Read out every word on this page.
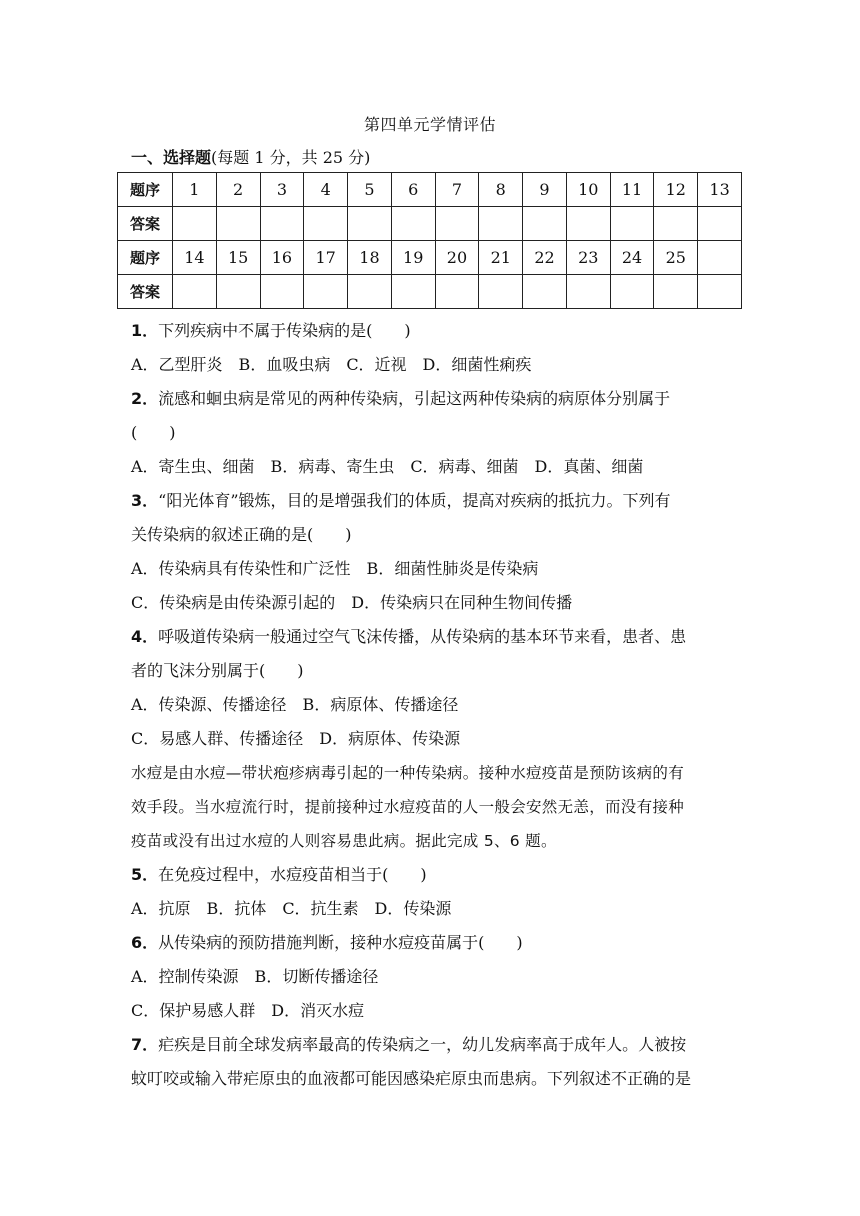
第四单元学情评估
一、选择题(每题 1 分，共 25 分)
题序	1	2	3	4	5	6	7	8	9	10	11	12	13
答案													
题序	14	15	16	17	18	19	20	21	22	23	24	25	
答案													
1．下列疾病中不属于传染病的是(　　)
A．乙型肝炎　B．血吸虫病　C．近视　D．细菌性痢疾
2．流感和蛔虫病是常见的两种传染病，引起这两种传染病的病原体分别属于
(　　)
A．寄生虫、细菌　B．病毒、寄生虫　C．病毒、细菌　D．真菌、细菌
3．“阳光体育”锻炼，目的是增强我们的体质，提高对疾病的抵抗力。下列有
关传染病的叙述正确的是(　　)
A．传染病具有传染性和广泛性　B．细菌性肺炎是传染病
C．传染病是由传染源引起的　D．传染病只在同种生物间传播
4．呼吸道传染病一般通过空气飞沫传播，从传染病的基本环节来看，患者、患
者的飞沫分别属于(　　)
A．传染源、传播途径　B．病原体、传播途径
C．易感人群、传播途径　D．病原体、传染源
水痘是由水痘—带状疱疹病毒引起的一种传染病。接种水痘疫苗是预防该病的有
效手段。当水痘流行时，提前接种过水痘疫苗的人一般会安然无恙，而没有接种
疫苗或没有出过水痘的人则容易患此病。据此完成 5、6 题。
5．在免疫过程中，水痘疫苗相当于(　　)
A．抗原　B．抗体　C．抗生素　D．传染源
6．从传染病的预防措施判断，接种水痘疫苗属于(　　)
A．控制传染源　B．切断传播途径
C．保护易感人群　D．消灭水痘
7．疟疾是目前全球发病率最高的传染病之一，幼儿发病率高于成年人。人被按
蚊叮咬或输入带疟原虫的血液都可能因感染疟原虫而患病。下列叙述不正确的是
